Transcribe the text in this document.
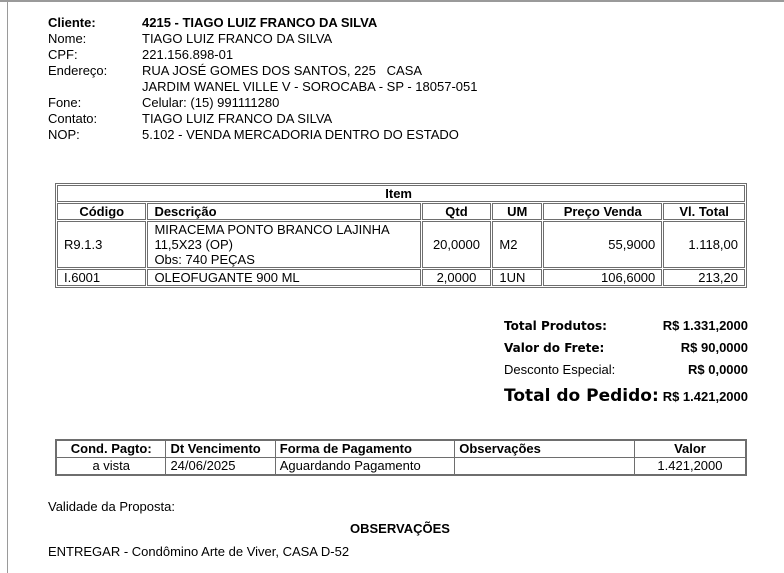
Cliente:	4215 - TIAGO LUIZ FRANCO DA SILVA
Nome:	TIAGO LUIZ FRANCO DA SILVA
CPF:	221.156.898-01
Endereço:	RUA JOSÉ GOMES DOS SANTOS, 225   CASA
JARDIM WANEL VILLE V - SOROCABA - SP - 18057-051
Fone:	Celular: (15) 991111280
Contato:	TIAGO LUIZ FRANCO DA SILVA
NOP:	5.102 - VENDA MERCADORIA DENTRO DO ESTADO
Item					
Código	Descrição	Qtd	UM	Preço Venda	Vl. Total
R9.1.3	MIRACEMA PONTO BRANCO LAJINHA
11,5X23 (OP)
Obs: 740 PEÇAS	20,0000	M2	55,9000	1.118,00
I.6001	OLEOFUGANTE 900 ML	2,0000	1UN	106,6000	213,20
Total Produtos:	R$ 1.331,2000
Valor do Frete:	R$ 90,0000
Desconto Especial:	R$ 0,0000
Total do Pedido: R$ 1.421,2000
Cond. Pagto:	Dt Vencimento	Forma de Pagamento	Observações	Valor
a vista	24/06/2025	Aguardando Pagamento		1.421,2000
Validade da Proposta:
OBSERVAÇÕES
ENTREGAR - Condômino Arte de Viver, CASA D-52
